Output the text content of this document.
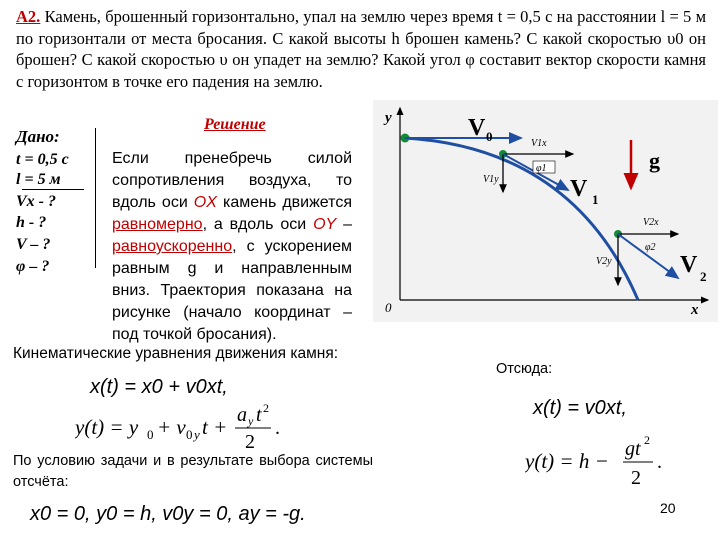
А2. Камень, брошенный горизонтально, упал на землю через время t = 0,5 с на расстоянии l = 5 м по горизонтали от места бросания. С какой высоты h брошен камень? С какой скоростью υ0 он брошен? С какой скоростью υ он упадет на землю? Какой угол φ составит вектор скорости камня с горизонтом в точке его падения на землю.
Дано:
t = 0,5 с
l = 5 м
Vx - ?
h - ?
V – ?
φ – ?
Решение
Если пренебречь силой сопротивления воздуха, то вдоль оси OX камень движется равномерно, а вдоль оси OY – равноускоренно, с ускорением равным g и направленным вниз. Траектория показана на рисунке (начало координат – под точкой бросания).
y
x
0
V 0
g
V1x
V1y
φ1
V 1
V2x
V2y
φ2
V 2
Кинематические уравнения движения камня:
x(t) = x0 + v0xt,
y(t) = y 0 + v 0 y t + a y t 2
2
.
По условию задачи и в результате выбора системы отсчёта:
x0 = 0, y0 = h, v0y = 0, ay = -g.
Отсюда:
x(t) = v0xt,
y(t) = h − gt 2
2
.
20
